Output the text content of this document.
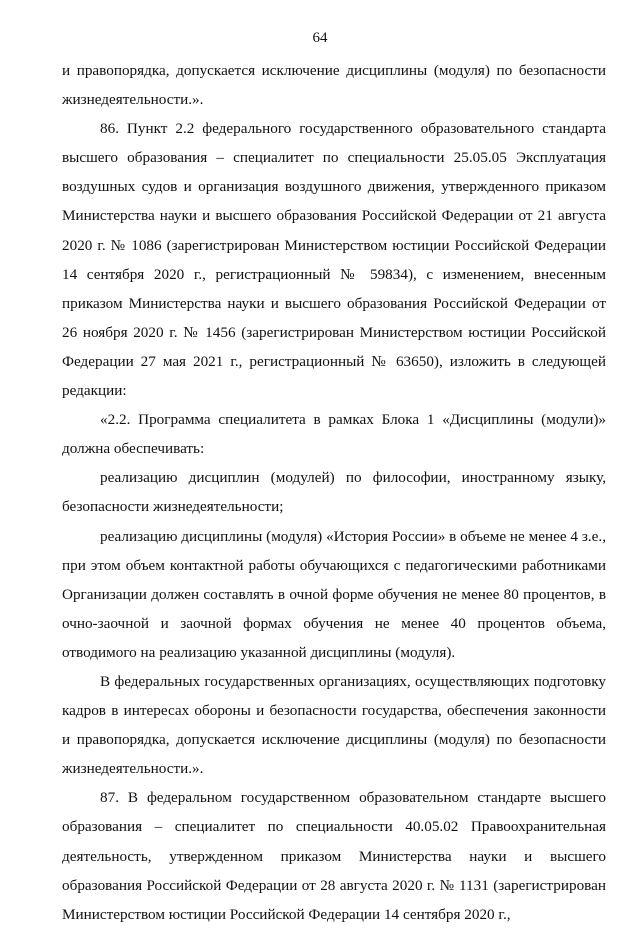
64

и правопорядка, допускается исключение дисциплины (модуля) по безопасности жизнедеятельности.».

86. Пункт 2.2 федерального государственного образовательного стандарта высшего образования – специалитет по специальности 25.05.05 Эксплуатация воздушных судов и организация воздушного движения, утвержденного приказом Министерства науки и высшего образования Российской Федерации от 21 августа 2020 г. № 1086 (зарегистрирован Министерством юстиции Российской Федерации 14 сентября 2020 г., регистрационный № 59834), с изменением, внесенным приказом Министерства науки и высшего образования Российской Федерации от 26 ноября 2020 г. № 1456 (зарегистрирован Министерством юстиции Российской Федерации 27 мая 2021 г., регистрационный № 63650), изложить в следующей редакции:

«2.2. Программа специалитета в рамках Блока 1 «Дисциплины (модули)» должна обеспечивать:

реализацию дисциплин (модулей) по философии, иностранному языку, безопасности жизнедеятельности;

реализацию дисциплины (модуля) «История России» в объеме не менее 4 з.е., при этом объем контактной работы обучающихся с педагогическими работниками Организации должен составлять в очной форме обучения не менее 80 процентов, в очно-заочной и заочной формах обучения не менее 40 процентов объема, отводимого на реализацию указанной дисциплины (модуля).

В федеральных государственных организациях, осуществляющих подготовку кадров в интересах обороны и безопасности государства, обеспечения законности и правопорядка, допускается исключение дисциплины (модуля) по безопасности жизнедеятельности.».

87. В федеральном государственном образовательном стандарте высшего образования – специалитет по специальности 40.05.02 Правоохранительная деятельность, утвержденном приказом Министерства науки и высшего образования Российской Федерации от 28 августа 2020 г. № 1131 (зарегистрирован Министерством юстиции Российской Федерации 14 сентября 2020 г.,
